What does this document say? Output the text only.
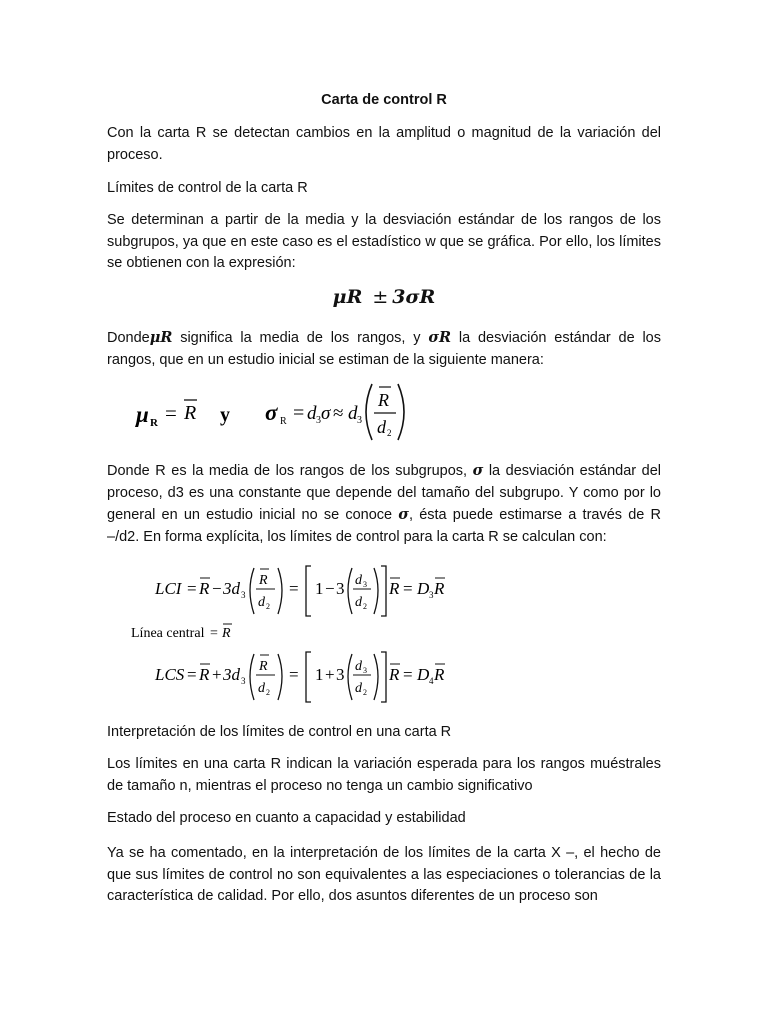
Carta de control R
Con la carta R se detectan cambios en la amplitud o magnitud de la variación del proceso.
Límites de control de la carta R
Se determinan a partir de la media y la desviación estándar de los rangos de los subgrupos, ya que en este caso es el estadístico w que se gráfica. Por ello, los límites se obtienen con la expresión:
μR ± 3σR

DondeμR significa la media de los rangos, y σR la desviación estándar de los rangos, que en un estudio inicial se estiman de la siguiente manera:

μ R = R y σ R = d 3 σ ≈ d 3
R
d 2

Donde R es la media de los rangos de los subgrupos, σ la desviación estándar del proceso, d3 es una constante que depende del tamaño del subgrupo. Y como por lo general en un estudio inicial no se conoce σ, ésta puede estimarse a través de R –/d2. En forma explícita, los límites de control para la carta R se calculan con:

LCI = R − 3d 3
R
d 2
= 1 − 3 d 3
d 2
R = D 3 R
Línea central = R
LCS = R + 3d 3
R
d 2
= 1 + 3 d 3
d 2
R = D 4 R
Interpretación de los límites de control en una carta R
Los límites en una carta R indican la variación esperada para los rangos muéstrales de tamaño n, mientras el proceso no tenga un cambio significativo
Estado del proceso en cuanto a capacidad y estabilidad
Ya se ha comentado, en la interpretación de los límites de la carta X –, el hecho de que sus límites de control no son equivalentes a las especiaciones o tolerancias de la característica de calidad. Por ello, dos asuntos diferentes de un proceso son
